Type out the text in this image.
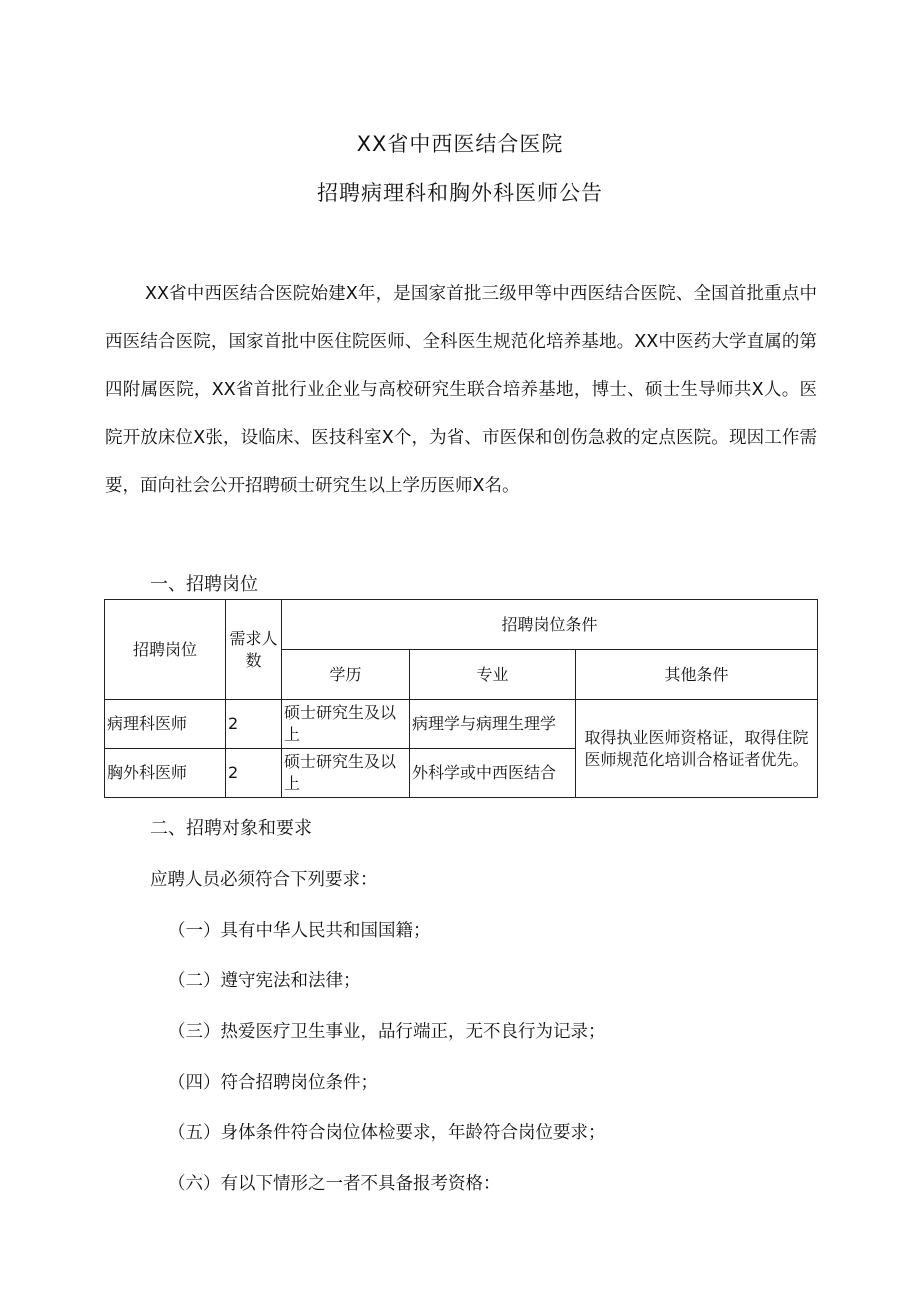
XX省中西医结合医院
招聘病理科和胸外科医师公告

XX省中西医结合医院始建X年，是国家首批三级甲等中西医结合医院、全国首批重点中西医结合医院，国家首批中医住院医师、全科医生规范化培养基地。XX中医药大学直属的第四附属医院，XX省首批行业企业与高校研究生联合培养基地，博士、硕士生导师共X人。医院开放床位X张，设临床、医技科室X个，为省、市医保和创伤急救的定点医院。现因工作需要，面向社会公开招聘硕士研究生以上学历医师X名。

一、招聘岗位
招聘岗位	需求人数	招聘岗位条件		
		学历	专业	其他条件
病理科医师	2	硕士研究生及以上	病理学与病理生理学	取得执业医师资格证，取得住院医师规范化培训合格证者优先。
胸外科医师	2	硕士研究生及以上	外科学或中西医结合	
二、招聘对象和要求

应聘人员必须符合下列要求：

（一）具有中华人民共和国国籍；

（二）遵守宪法和法律；

（三）热爱医疗卫生事业，品行端正，无不良行为记录；

（四）符合招聘岗位条件；

（五）身体条件符合岗位体检要求，年龄符合岗位要求；

（六）有以下情形之一者不具备报考资格：
